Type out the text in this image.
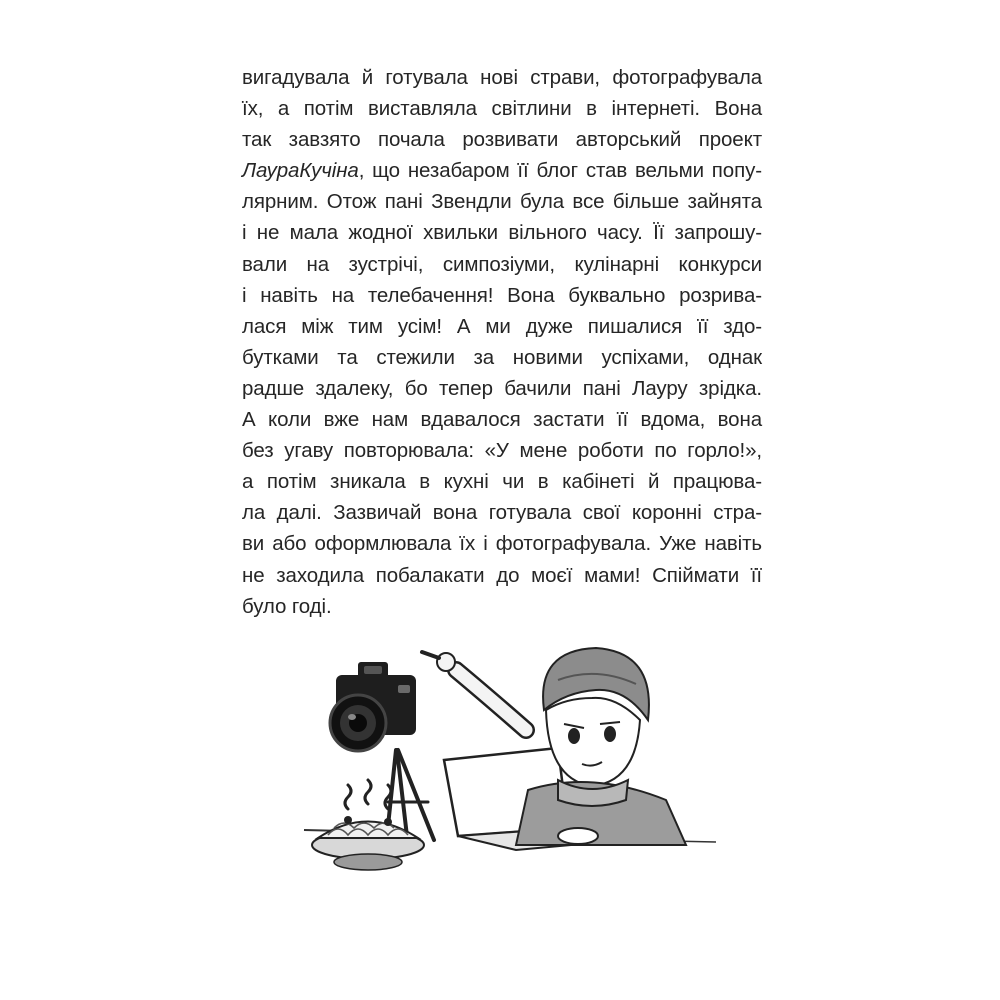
вигадувала й готувала нові страви, фотографувала
їх, а потім виставляла світлини в інтернеті. Вона
так завзято почала розвивати авторський проект
ЛаураКучіна, що незабаром її блог став вельми попу-
лярним. Отож пані Звендли була все більше зайнята
і не мала жодної хвильки вільного часу. Її запрошу-
вали на зустрічі, симпозіуми, кулінарні конкурси
і навіть на телебачення! Вона буквально розрива-
лася між тим усім! А ми дуже пишалися її здо-
бутками та стежили за новими успіхами, однак
радше здалеку, бо тепер бачили пані Лауру зрідка.
А коли вже нам вдавалося застати її вдома, вона
без угаву повторювала: «У мене роботи по горло!»,
а потім зникала в кухні чи в кабінеті й працюва-
ла далі. Зазвичай вона готувала свої коронні стра-
ви або оформлювала їх і фотографувала. Уже навіть
не заходила побалакати до моєї мами! Спіймати її
було годі.
